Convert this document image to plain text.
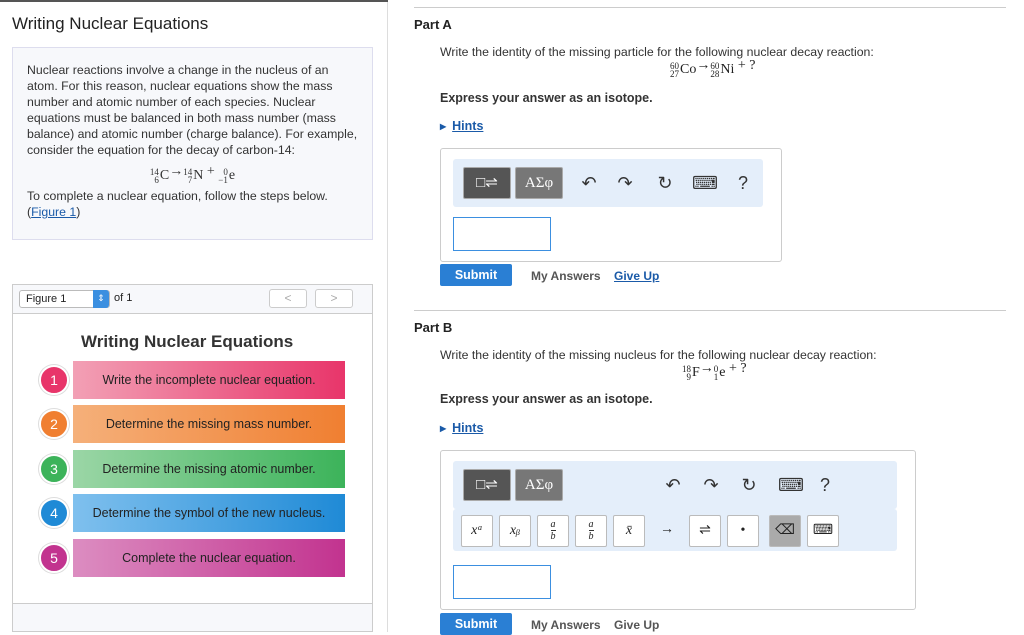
Writing Nuclear Equations
Nuclear reactions involve a change in the nucleus of an atom. For this reason, nuclear equations show the mass number and atomic number of each species. Nuclear equations must be balanced in both mass number (mass balance) and atomic number (charge balance). For example, consider the equation for the decay of carbon-14:
14
6 C → 14
7 N + 0
−1 e
To complete a nuclear equation, follow the steps below.
(Figure 1)
Figure 1	⇕ of 1	<	>
Writing Nuclear Equations
Write the incomplete nuclear equation.
1
Determine the missing mass number.
2
Determine the missing atomic number.
3
Determine the symbol of the new nucleus.
4
Complete the nuclear equation.
5
Part A
Write the identity of the missing particle for the following nuclear decay reaction:
60
27 Co → 60
28 Ni + ?
Express your answer as an isotope.
▶ Hints
□⇌	ΑΣφ	↶	↷	↻	⌨	?
Submit	My Answers Give Up
Part B
Write the identity of the missing nucleus for the following nuclear decay reaction:
18
9 F → 0
1 e + ?
Express your answer as an isotope.
▶ Hints
□⇌	ΑΣφ	↶	↷	↻	⌨ ?
xᵃ	xᵦ	$\frac{a}{b}$	$\frac{a}{b}$	x̄	→	⇌	•	⌫	⌨
Submit	My Answers Give Up
